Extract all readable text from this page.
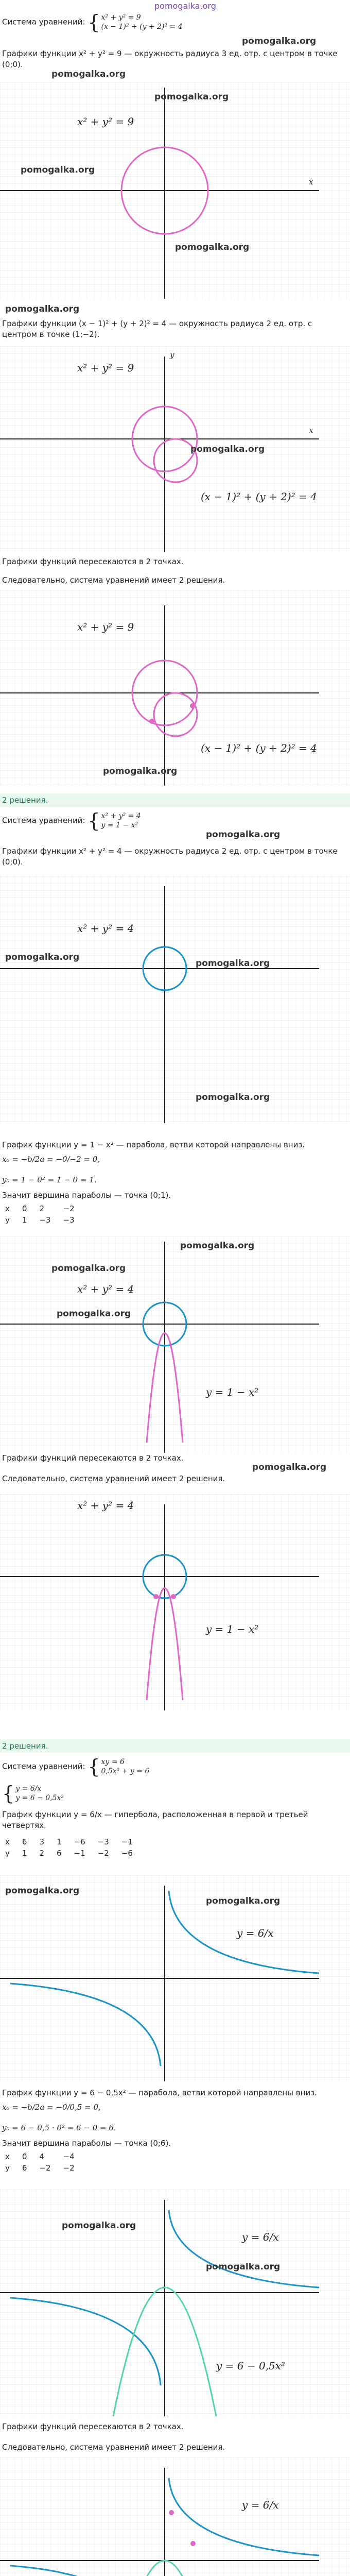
pomogalka.org
Система уравнений: { x² + y² = 9
(x − 1)² + (y + 2)² = 4
pomogalka.org
Графики функции x² + y² = 9 — окружность радиуса 3 ед. отр. с центром в точке (0;0).
pomogalka.org
pomogalka.org
pomogalka.org
pomogalka.org
x² + y² = 9
x
pomogalka.org
Графики функции (x − 1)² + (y + 2)² = 4 — окружность радиуса 2 ед. отр. с центром в точке (1;−2).
x² + y² = 9
(x − 1)² + (y + 2)² = 4
pomogalka.org
y
x
Графики функций пересекаются в 2 точках.
Следовательно, система уравнений имеет 2 решения.
x² + y² = 9
(x − 1)² + (y + 2)² = 4
pomogalka.org
2 решения.
Система уравнений: { x² + y² = 4
y = 1 − x²
pomogalka.org
Графики функции x² + y² = 4 — окружность радиуса 2 ед. отр. с центром в точке (0;0).
x² + y² = 4
pomogalka.org
pomogalka.org
pomogalka.org
График функции y = 1 − x² — парабола, ветви которой направлены вниз.
x₀ = −b/2a = −0/−2 = 0,
y₀ = 1 − 0² = 1 − 0 = 1.
Значит вершина параболы — точка (0;1).
x	0	2	−2
y	1	−3	−3
x² + y² = 4
y = 1 − x²
pomogalka.org
pomogalka.org
pomogalka.org
Графики функций пересекаются в 2 точках.
Следовательно, система уравнений имеет 2 решения.
pomogalka.org
x² + y² = 4
y = 1 − x²
2 решения.
Система уравнений: { xy = 6
0,5x² + y = 6
{ y = 6/x
y = 6 − 0,5x²
График функции y = 6/x — гипербола, расположенная в первой и третьей четвертях.
x	6	3	1	−6	−3	−1
y	1	2	6	−1	−2	−6
y = 6/x
pomogalka.org
pomogalka.org
График функции y = 6 − 0,5x² — парабола, ветви которой направлены вниз.
x₀ = −b/2a = −0/0,5 = 0,
y₀ = 6 − 0,5 · 0² = 6 − 0 = 6.
Значит вершина параболы — точка (0;6).
x	0	4	−4
y	6	−2	−2
y = 6/x
y = 6 − 0,5x²
pomogalka.org
pomogalka.org
Графики функций пересекаются в 2 точках.
Следовательно, система уравнений имеет 2 решения.
y = 6/x
